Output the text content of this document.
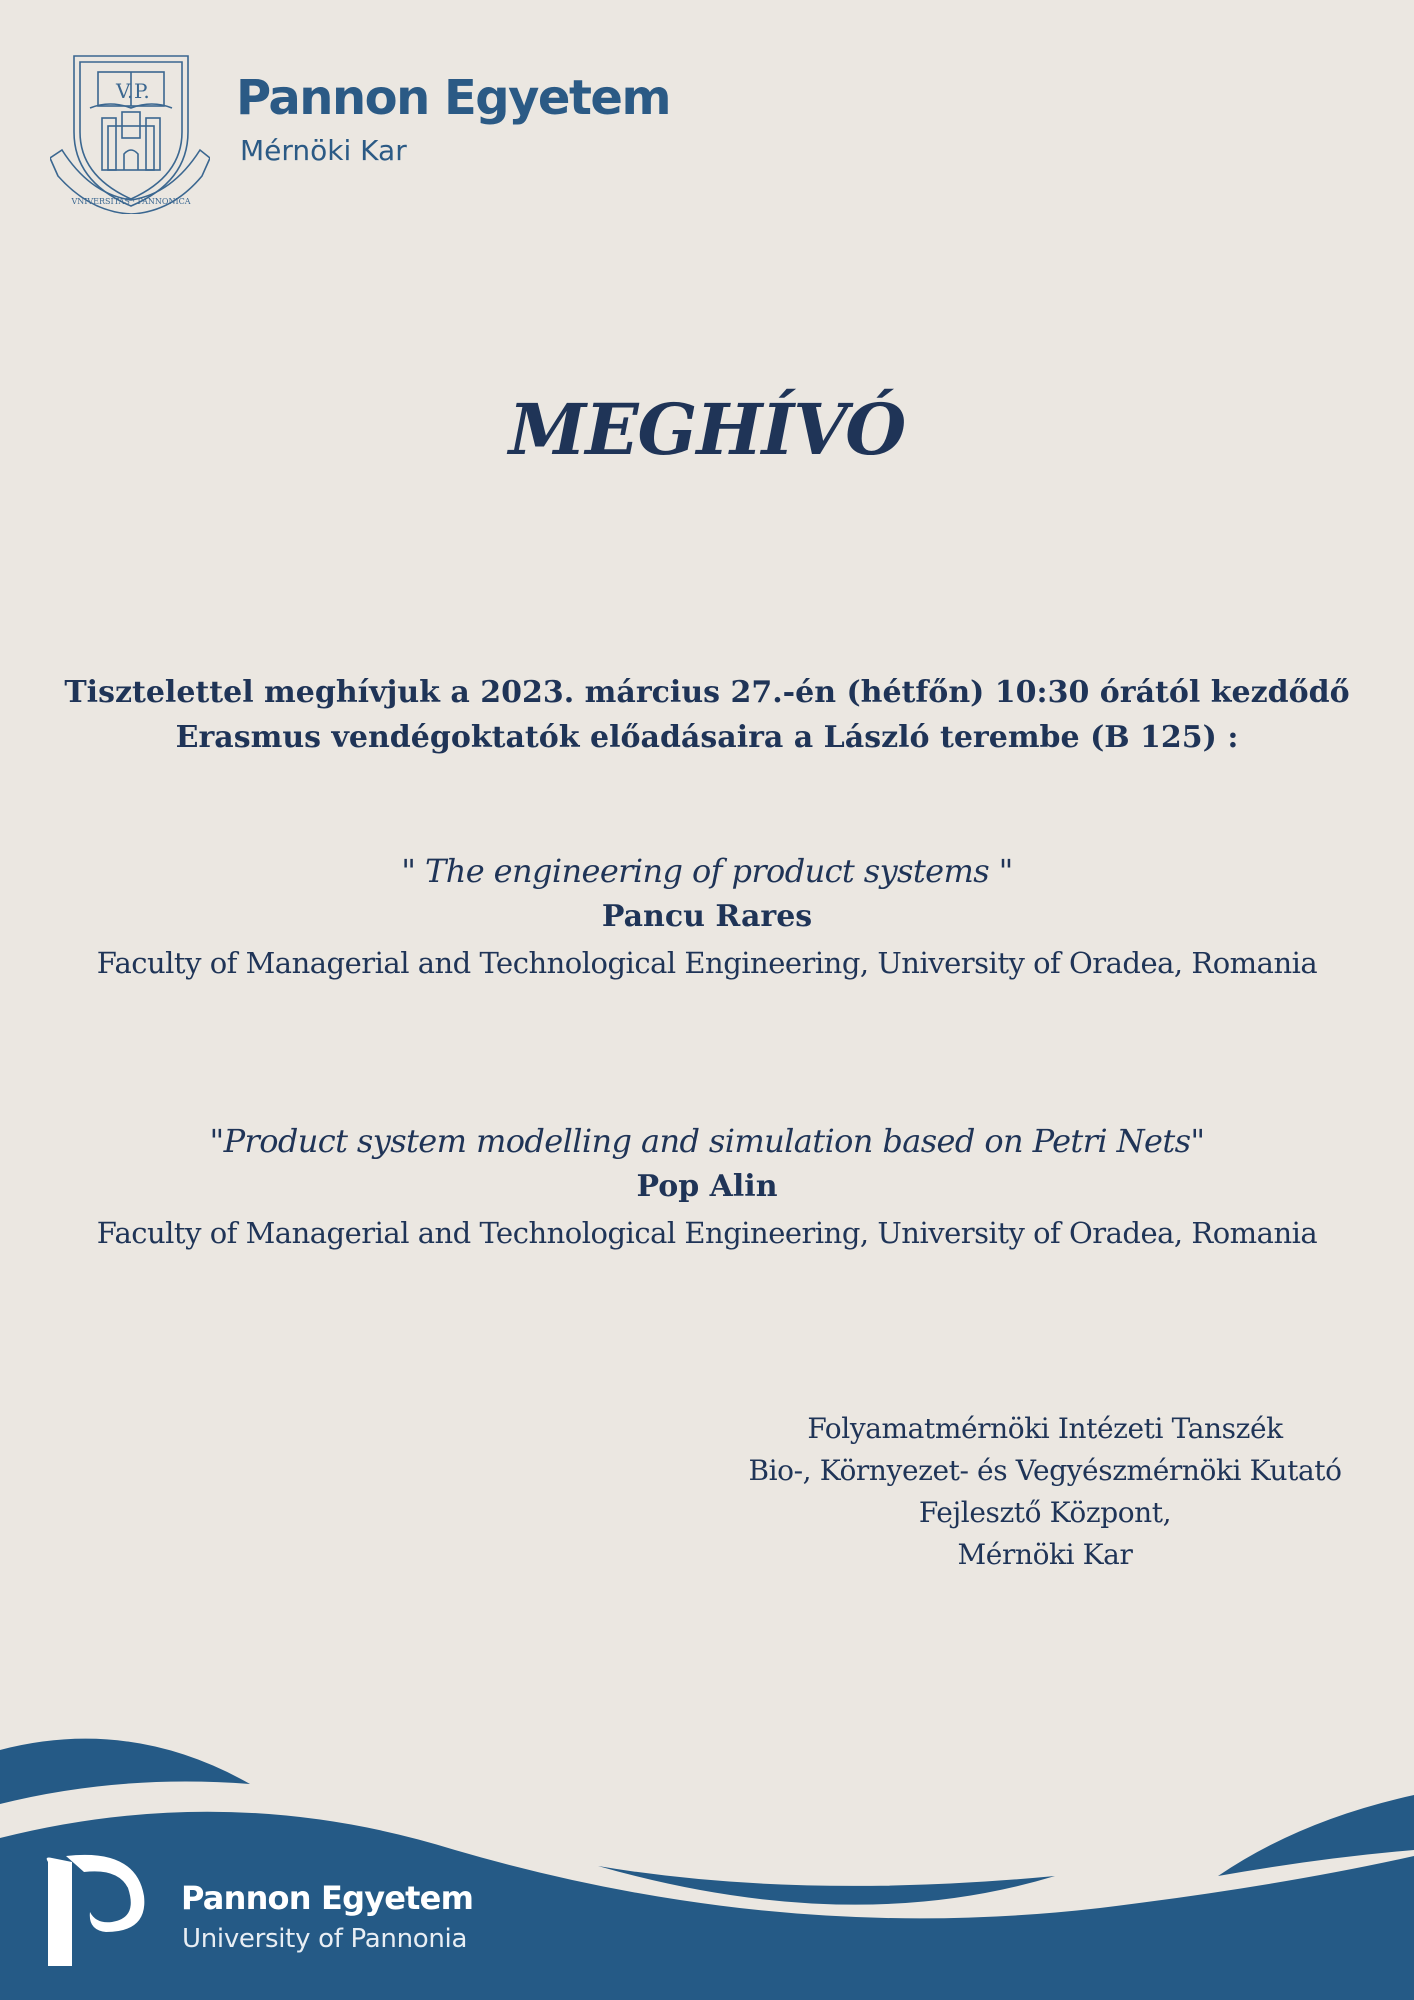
V. P.
VNIVERSITAS · PANNONICA

Pannon Egyetem

Mérnöki Kar

MEGHÍVÓ

Tisztelettel meghívjuk a 2023. március 27.-én (hétfőn) 10:30 órától kezdődő Erasmus vendégoktatók előadásaira a László terembe (B 125) :

" The engineering of product systems "
Pancu Rares
Faculty of Managerial and Technological Engineering, University of Oradea, Romania
"Product system modelling and simulation based on Petri Nets"
Pop Alin
Faculty of Managerial and Technological Engineering, University of Oradea, Romania
Folyamatmérnöki Intézeti Tanszék
Bio-, Környezet- és Vegyészmérnöki Kutató
Fejlesztő Központ,
Mérnöki Kar

Pannon Egyetem

University of Pannonia
